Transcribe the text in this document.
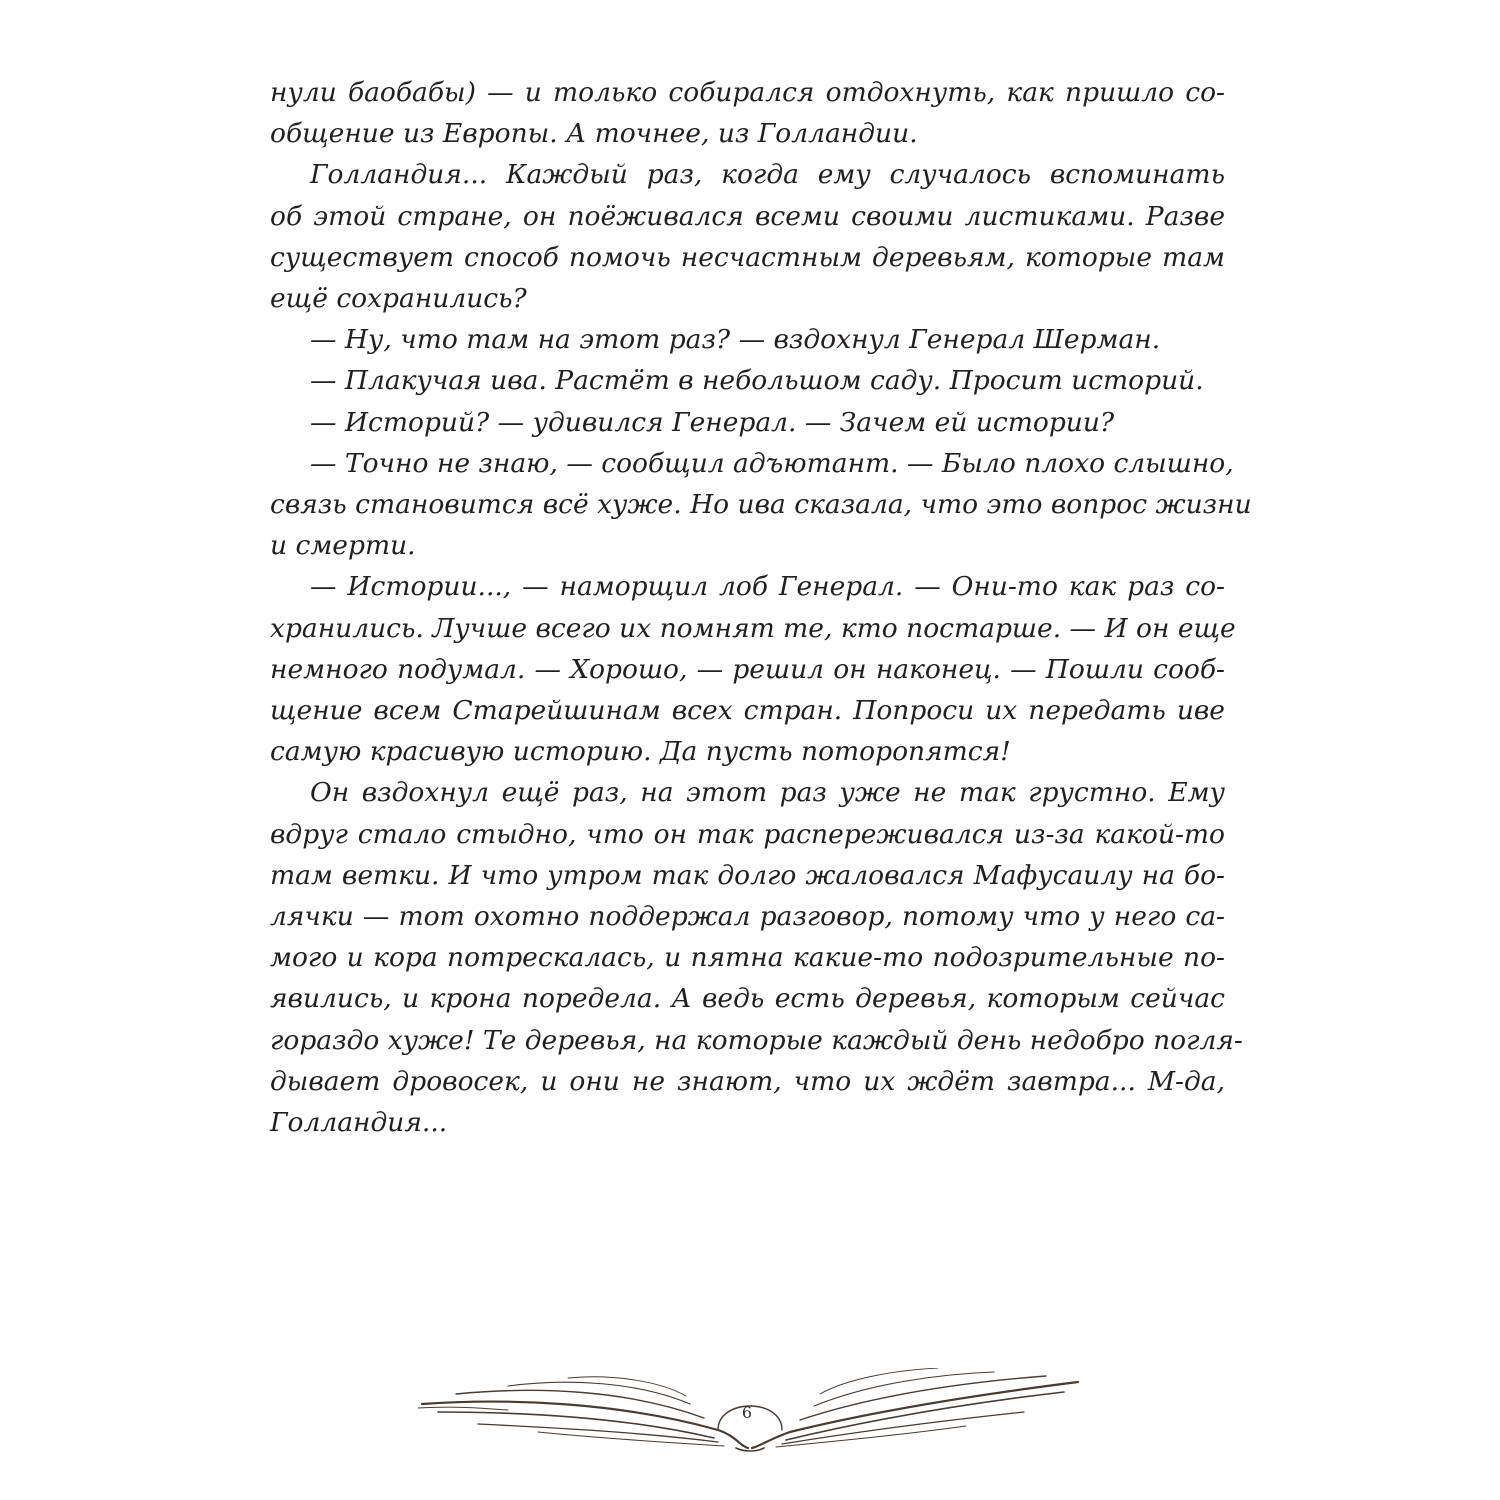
нули баобабы) — и только собирался отдохнуть, как пришло со-
общение из Европы. А точнее, из Голландии.
Голландия... Каждый раз, когда ему случалось вспоминать
об этой стране, он поёживался всеми своими листиками. Разве
существует способ помочь несчастным деревьям, которые там
ещё сохранились?
— Ну, что там на этот раз? — вздохнул Генерал Шерман.
— Плакучая ива. Растёт в небольшом саду. Просит историй.
— Историй? — удивился Генерал. — Зачем ей истории?
— Точно не знаю, — сообщил адъютант. — Было плохо слышно,
связь становится всё хуже. Но ива сказала, что это вопрос жизни
и смерти.
— Истории..., — наморщил лоб Генерал. — Они-то как раз со-
хранились. Лучше всего их помнят те, кто постарше. — И он еще
немного подумал. — Хорошо, — решил он наконец. — Пошли сооб-
щение всем Старейшинам всех стран. Попроси их передать иве
самую красивую историю. Да пусть поторопятся!
Он вздохнул ещё раз, на этот раз уже не так грустно. Ему
вдруг стало стыдно, что он так распереживался из-за какой-то
там ветки. И что утром так долго жаловался Мафусаилу на бо-
лячки — тот охотно поддержал разговор, потому что у него са-
мого и кора потрескалась, и пятна какие-то подозрительные по-
явились, и крона поредела. А ведь есть деревья, которым сейчас
гораздо хуже! Те деревья, на которые каждый день недобро погля-
дывает дровосек, и они не знают, что их ждёт завтра... М-да,
Голландия...
6
